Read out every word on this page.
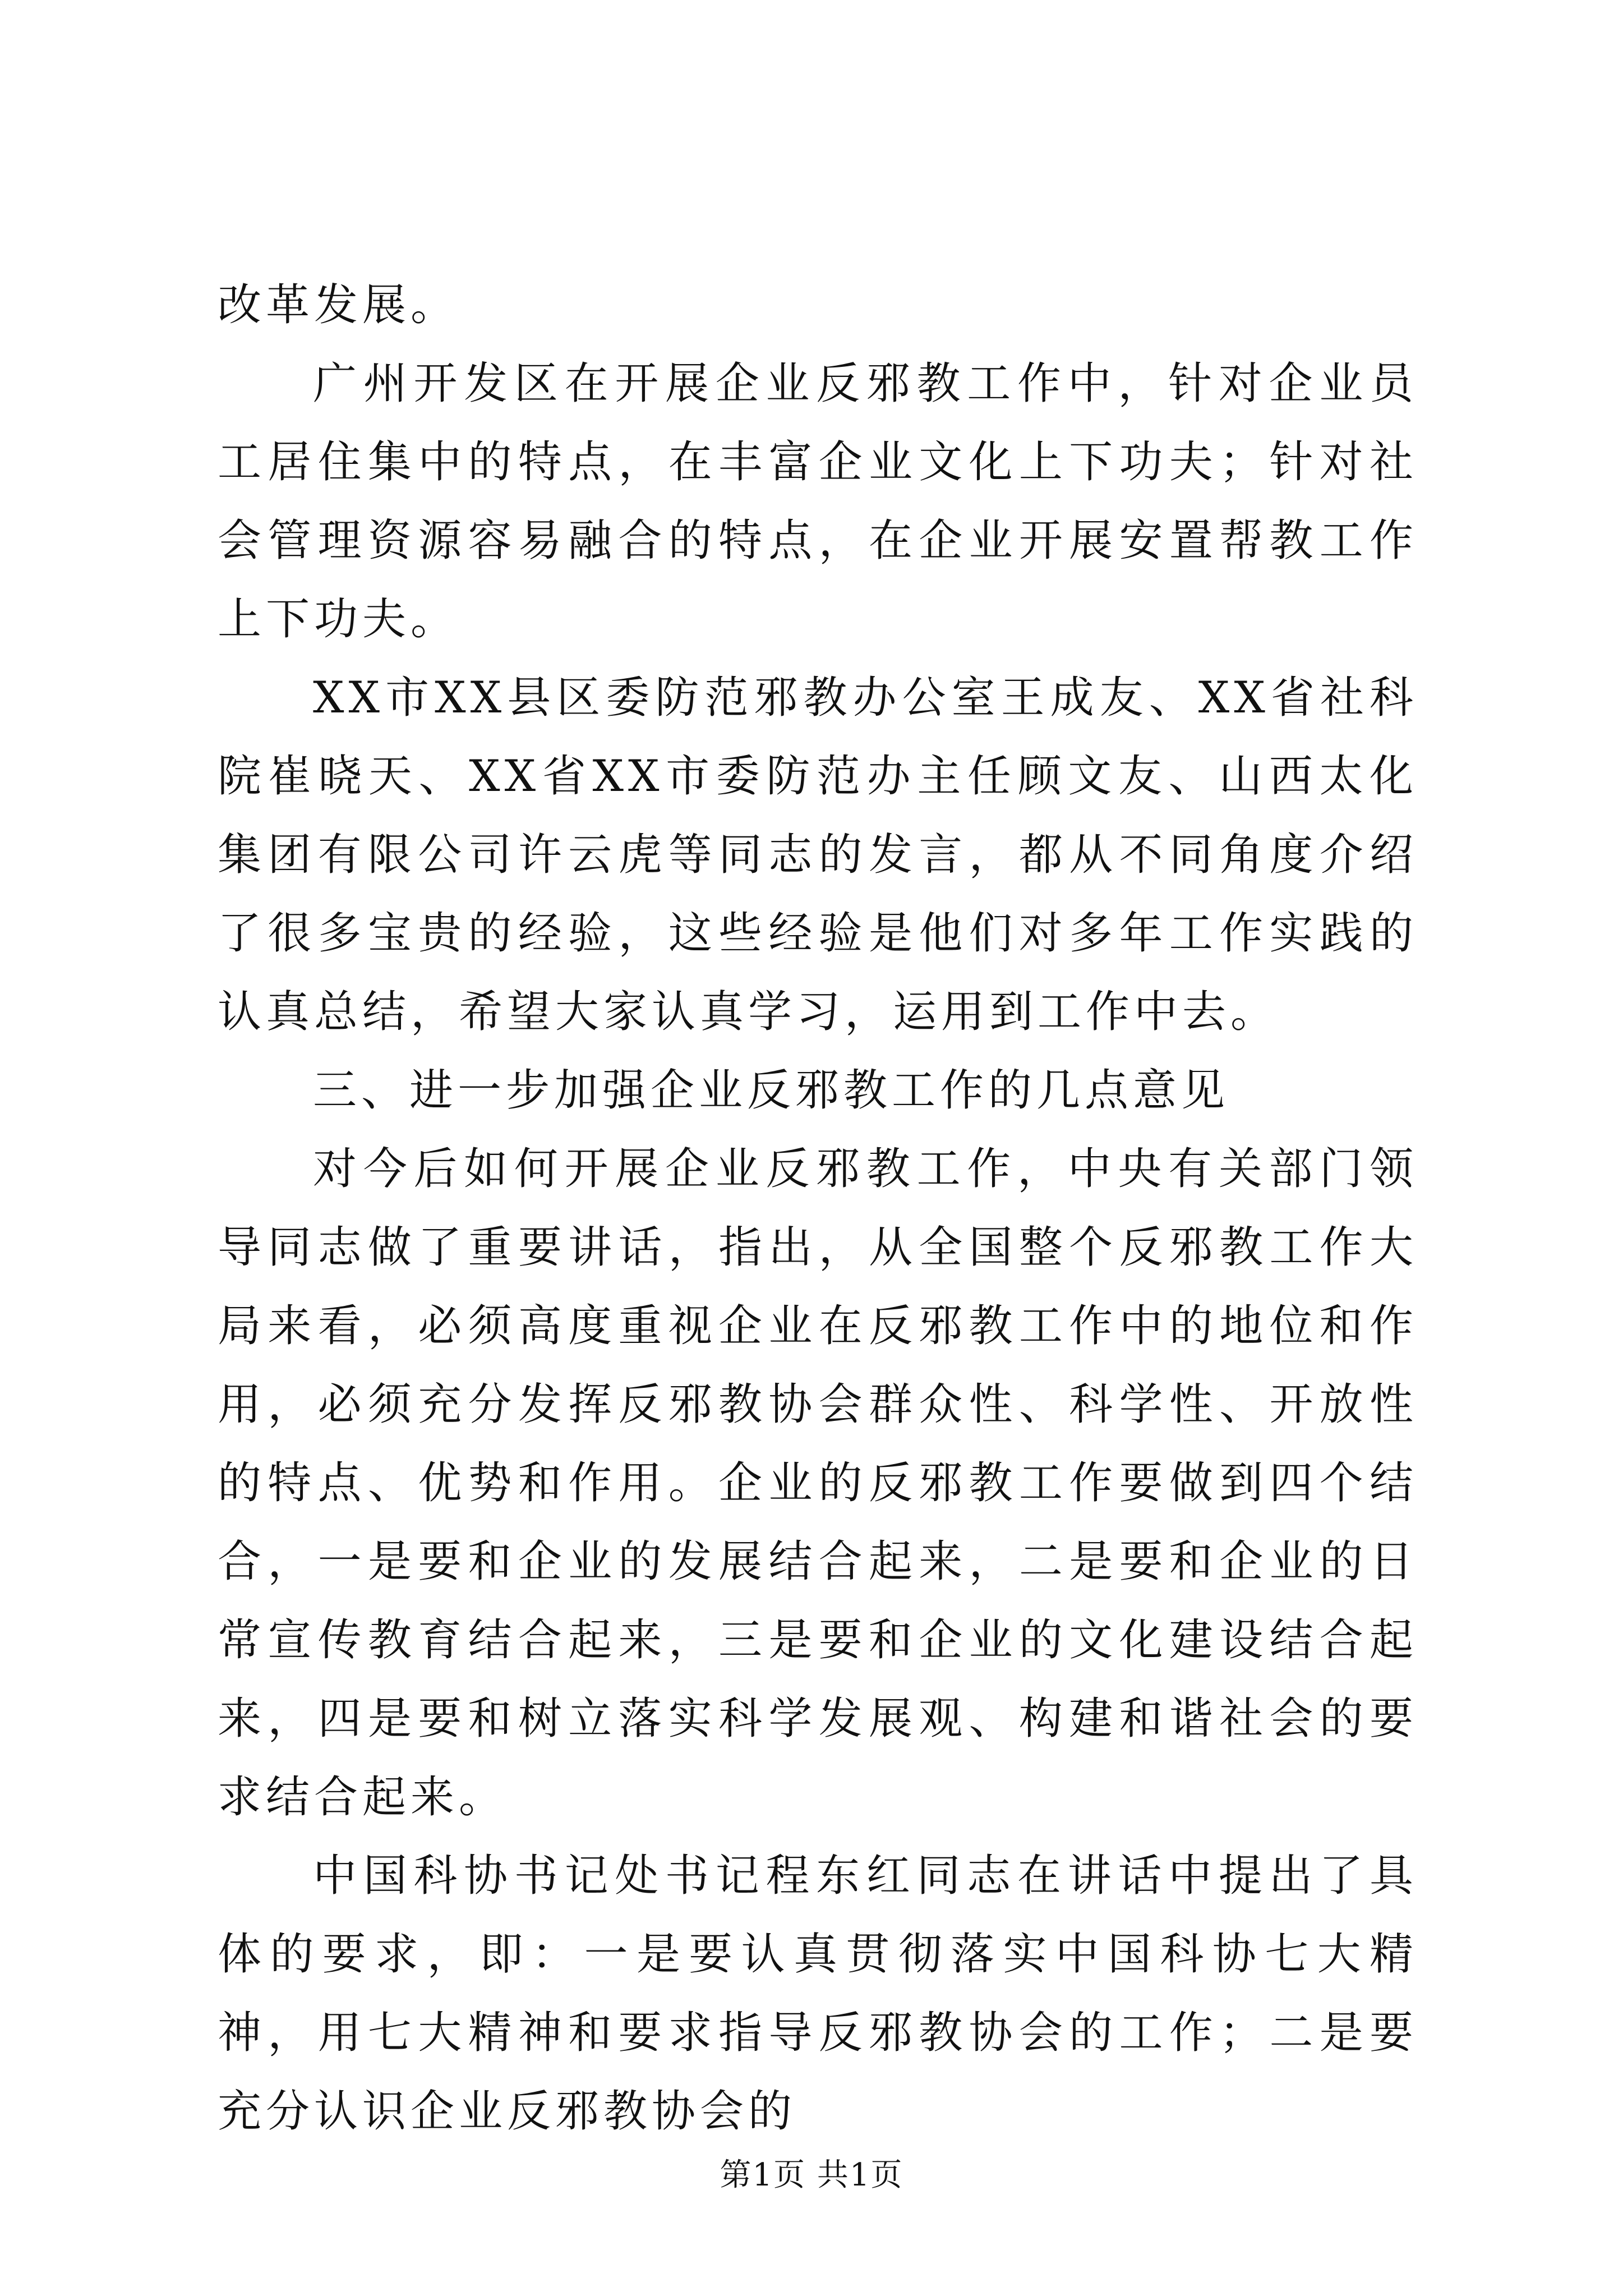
改革发展。

广州开发区在开展企业反邪教工作中，针对企业员工居住集中的特点，在丰富企业文化上下功夫；针对社会管理资源容易融合的特点，在企业开展安置帮教工作上下功夫。

XX市XX县区委防范邪教办公室王成友、XX省社科院崔晓天、XX省XX市委防范办主任顾文友、山西太化集团有限公司许云虎等同志的发言，都从不同角度介绍了很多宝贵的经验，这些经验是他们对多年工作实践的认真总结，希望大家认真学习，运用到工作中去。

三、进一步加强企业反邪教工作的几点意见

对今后如何开展企业反邪教工作，中央有关部门领导同志做了重要讲话，指出，从全国整个反邪教工作大局来看，必须高度重视企业在反邪教工作中的地位和作用，必须充分发挥反邪教协会群众性、科学性、开放性的特点、优势和作用。企业的反邪教工作要做到四个结合，一是要和企业的发展结合起来，二是要和企业的日常宣传教育结合起来，三是要和企业的文化建设结合起来，四是要和树立落实科学发展观、构建和谐社会的要求结合起来。

中国科协书记处书记程东红同志在讲话中提出了具体的要求，即：一是要认真贯彻落实中国科协七大精神，用七大精神和要求指导反邪教协会的工作；二是要充分认识企业反邪教协会的

第1页 共1页
